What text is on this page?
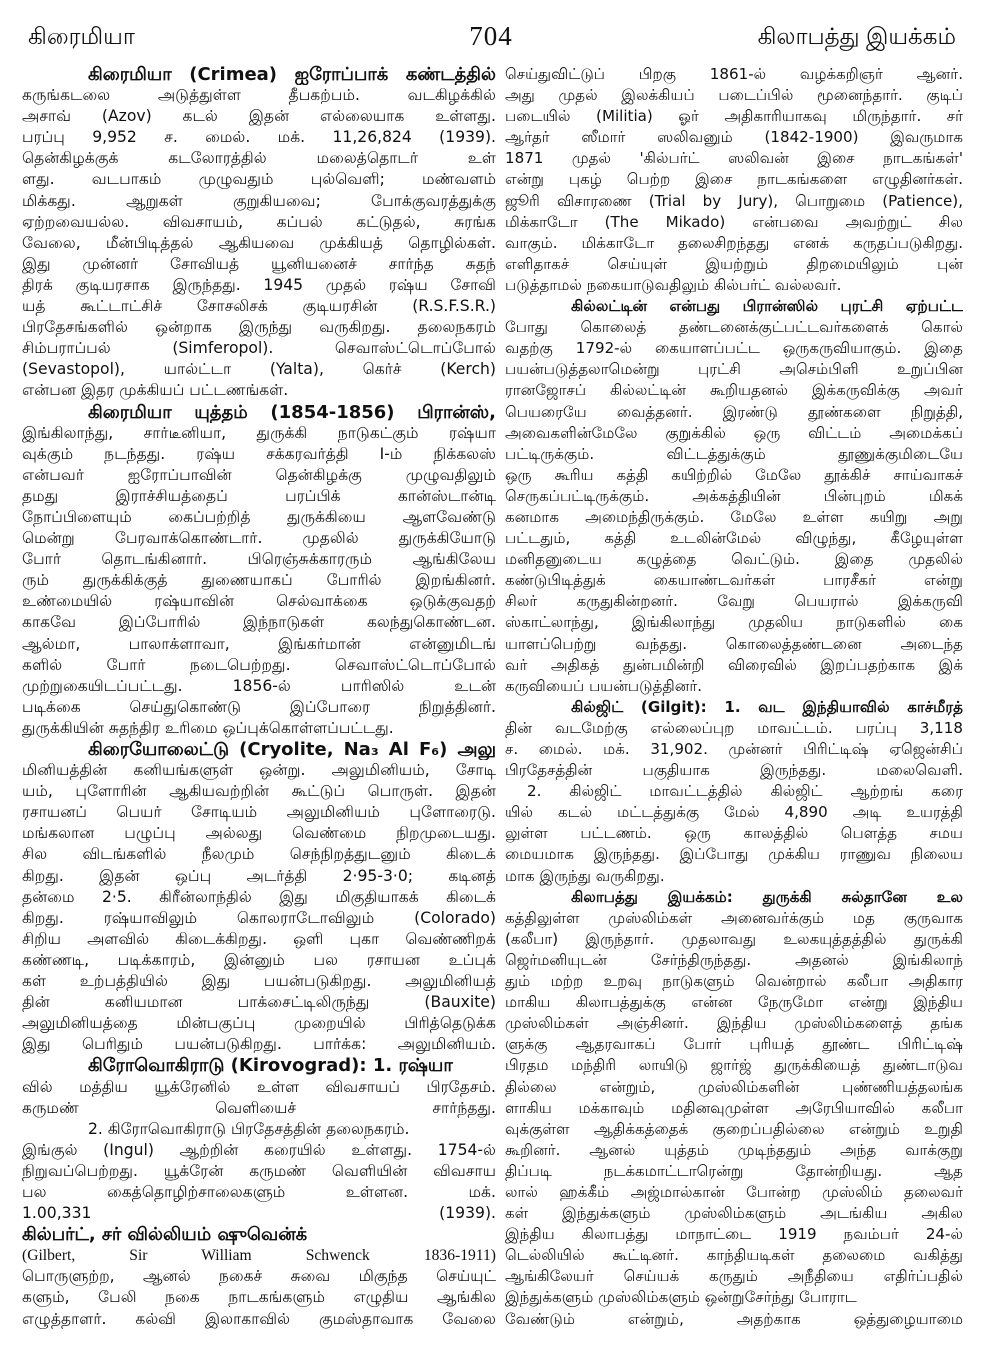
கிரைமியா	704	கிலாபத்து இயக்கம்
கிரைமியா (Crimea) ஐரோப்பாக் கண்டத்தில்
கருங்கடலை அடுத்துள்ள தீபகற்பம். வடகிழக்கில்
அசாவ் (Azov) கடல் இதன் எல்லையாக உள்ளது.
பரப்பு 9,952 ச. மைல். மக். 11,26,824 (1939).
தென்கிழக்குக் கடலோரத்தில் மலைத்தொடர் உள்
ளது. வடபாகம் முழுவதும் புல்வெளி; மண்வளம்
மிக்கது. ஆறுகள் குறுகியவை; போக்குவரத்துக்கு
ஏற்றவையல்ல. விவசாயம், கப்பல் கட்டுதல், சுரங்க
வேலை, மீன்பிடித்தல் ஆகியவை முக்கியத் தொழில்கள்.
இது முன்னர் சோவியத் யூனியனைச் சார்ந்த சுதந்
திரக் குடியரசாக இருந்தது. 1945 முதல் ரஷ்ய சோவி
யத் கூட்டாட்சிச் சோசலிசக் குடியரசின் (R.S.F.S.R.)
பிரதேசங்களில் ஒன்றாக இருந்து வருகிறது. தலைநகரம்
சிம்பராப்பல் (Simferopol). செவாஸ்ட்டொப்போல்
(Sevastopol), யால்ட்டா (Yalta), கெர்ச் (Kerch)
என்பன இதர முக்கியப் பட்டணங்கள்.
கிரைமியா யுத்தம் (1854-1856) பிரான்ஸ்,
இங்கிலாந்து, சார்டீனியா, துருக்கி நாடுகட்கும் ரஷ்யா
வுக்கும் நடந்தது. ரஷ்ய சக்கரவர்த்தி I-ம் நிக்கலஸ்
என்பவர் ஐரோப்பாவின் தென்கிழக்கு முழுவதிலும்
தமது இராச்சியத்தைப் பரப்பிக் கான்ஸ்டான்டி
நோப்பிளையும் கைப்பற்றித் துருக்கியை ஆளவேண்டு
மென்று பேரவாக்கொண்டார். முதலில் துருக்கியோடு
போர் தொடங்கினார். பிரெஞ்சுக்காரரும் ஆங்கிலேய
ரும் துருக்கிக்குத் துணையாகப் போரில் இறங்கினர்.
உண்மையில் ரஷ்யாவின் செல்வாக்கை ஒடுக்குவதற்
காகவே இப்போரில் இந்நாடுகள் கலந்துகொண்டன.
ஆல்மா, பாலாக்ளாவா, இங்கர்மான் என்னுமிடங்
களில் போர் நடைபெற்றது. செவாஸ்ட்டொப்போல்
முற்றுகையிடப்பட்டது. 1856-ல் பாரிஸில் உடன்
படிக்கை செய்துகொண்டு இப்போரை நிறுத்தினர்.
துருக்கியின் சுதந்திர உரிமை ஒப்புக்கொள்ளப்பட்டது.
கிரையோலைட்டு (Cryolite, Na₃ Al F₆) அலு
மினியத்தின் கனியங்களுள் ஒன்று. அலுமினியம், சோடி
யம், புளோரின் ஆகியவற்றின் கூட்டுப் பொருள். இதன்
ரசாயனப் பெயர் சோடியம் அலுமினியம் புளோரைடு.
மங்கலான பழுப்பு அல்லது வெண்மை நிறமுடையது.
சில விடங்களில் நீலமும் செந்நிறத்துடனும் கிடைக்
கிறது. இதன் ஒப்பு அடர்த்தி 2·95-3·0; கடினத்
தன்மை 2·5. கிரீன்லாந்தில் இது மிகுதியாகக் கிடைக்
கிறது. ரஷ்யாவிலும் கொலராடோவிலும் (Colorado)
சிறிய அளவில் கிடைக்கிறது. ஒளி புகா வெண்ணிறக்
கண்ணடி, படிக்காரம், இன்னும் பல ரசாயன உப்புக்
கள் உற்பத்தியில் இது பயன்படுகிறது. அலுமினியத்
தின் கனியமான பாக்சைட்டிலிருந்து (Bauxite)
அலுமினியத்தை மின்பகுப்பு முறையில் பிரித்தெடுக்க
இது பெரிதும் பயன்படுகிறது. பார்க்க: அலுமினியம்.
கிரோவொகிராடு (Kirovograd): 1. ரஷ்யா
வில் மத்திய யூக்ரேனில் உள்ள விவசாயப் பிரதேசம்.
கருமண் வெளியைச் சார்ந்தது.
2. கிரோவொகிராடு பிரதேசத்தின் தலைநகரம்.
இங்குல் (Ingul) ஆற்றின் கரையில் உள்ளது. 1754-ல்
நிறுவப்பெற்றது. யூக்ரேன் கருமண் வெளியின் விவசாய
பல கைத்தொழிற்சாலைகளும் உள்ளன. மக்.
1.00,331 (1939).
கில்பர்ட், சர் வில்லியம் ஷுவென்க்
(Gilbert, Sir William Schwenck 1836-1911)
பொருளுற்ற, ஆனல் நகைச் சுவை மிகுந்த செய்யுட்
களும், பேலி நகை நாடகங்களும் எழுதிய ஆங்கில
எழுத்தாளர். கல்வி இலாகாவில் குமஸ்தாவாக வேலை
செய்துவிட்டுப் பிறகு 1861-ல் வழக்கறிஞர் ஆனர்.
அது முதல் இலக்கியப் படைப்பில் மூனைந்தார். குடிப்
படையில் (Militia) ஓர் அதிகாரியாகவு மிருந்தார். சர்
ஆர்தர் ஸீமார் ஸலிவனும் (1842-1900) இவருமாக
1871 முதல் 'கில்பர்ட் ஸலிவன் இசை நாடகங்கள்'
என்று புகழ் பெற்ற இசை நாடகங்களை எழுதினர்கள்.
ஜூரி விசாரணை (Trial by Jury), பொறுமை (Patience),
மிக்காடோ (The Mikado) என்பவை அவற்றுட் சில
வாகும். மிக்காடோ தலைசிறந்தது எனக் கருதப்படுகிறது.
எளிதாகச் செய்யுள் இயற்றும் திறமையிலும் புன்
படுத்தாமல் நகையாடுவதிலும் கில்பர்ட் வல்லவர்.
கில்லட்டின் என்பது பிரான்ஸில் புரட்சி ஏற்பட்ட
போது கொலைத் தண்டனைக்குட்பட்டவர்களைக் கொல்
வதற்கு 1792-ல் கையாளப்பட்ட ஒருகருவியாகும். இதை
பயன்படுத்தலாமென்று புரட்சி அசெம்பிளி உறுப்பின
ரானஜோசப் கில்லட்டின் கூறியதனல் இக்கருவிக்கு அவர்
பெயரையே வைத்தனர். இரண்டு தூண்களை நிறுத்தி,
அவைகளின்மேலே குறுக்கில் ஒரு விட்டம் அமைக்கப்
பட்டிருக்கும். விட்டத்துக்கும் தூணுக்குமிடையே
ஒரு கூரிய கத்தி கயிற்றில் மேலே தூக்கிச் சாய்வாகச்
செருகப்பட்டிருக்கும். அக்கத்தியின் பின்புறம் மிகக்
கனமாக அமைந்திருக்கும். மேலே உள்ள கயிறு அறு
பட்டதும், கத்தி உடலின்மேல் விழுந்து, கீழேயுள்ள
மனிதனுடைய கழுத்தை வெட்டும். இதை முதலில்
கண்டுபிடித்துக் கையாண்டவர்கள் பாரசீகர் என்று
சிலர் கருதுகின்றனர். வேறு பெயரால் இக்கருவி
ஸ்காட்லாந்து, இங்கிலாந்து முதலிய நாடுகளில் கை
யாளப்பெற்று வந்தது. கொலைத்தண்டனை அடைந்த
வர் அதிகத் துன்பமின்றி விரைவில் இறப்பதற்காக இக்
கருவியைப் பயன்படுத்தினர்.
கில்ஜிட் (Gilgit): 1. வட இந்தியாவில் காச்மீரத்
தின் வடமேற்கு எல்லைப்புற மாவட்டம். பரப்பு 3,118
ச. மைல். மக். 31,902. முன்னர் பிரிட்டிஷ் ஏஜென்சிப்
பிரதேசத்தின் பகுதியாக இருந்தது. மலைவெளி.
2. கில்ஜிட் மாவட்டத்தில் கில்ஜிட் ஆற்றங் கரை
யில் கடல் மட்டத்துக்கு மேல் 4,890 அடி உயரத்தி
லுள்ள பட்டணம். ஒரு காலத்தில் பௌத்த சமய
மையமாக இருந்தது. இப்போது முக்கிய ராணுவ நிலைய
மாக இருந்து வருகிறது.
கிலாபத்து இயக்கம்: துருக்கி சுல்தானே உல
கத்திலுள்ள முஸ்லிம்கள் அனைவர்க்கும் மத குருவாக
(கலீபா) இருந்தார். முதலாவது உலகயுத்தத்தில் துருக்கி
ஜெர்மனியுடன் சேர்ந்திருந்தது. அதனல் இங்கிலாந்
தும் மற்ற உறவு நாடுகளும் வென்றால் கலீபா அதிகார
மாகிய கிலாபத்துக்கு என்ன நேருமோ என்று இந்திய
முஸ்லிம்கள் அஞ்சினர். இந்திய முஸ்லிம்களைத் தங்க
ளுக்கு ஆதரவாகப் போர் புரியத் தூண்ட பிரிட்டிஷ்
பிரதம மந்திரி லாயிடு ஜார்ஜ் துருக்கியைத் துண்டாடுவ
தில்லை என்றும், முஸ்லிம்களின் புண்ணியத்தலங்க
ளாகிய மக்காவும் மதினவுமுள்ள அரேபியாவில் கலீபா
வுக்குள்ள ஆதிக்கத்தைக் குறைப்பதில்லை என்றும் உறுதி
கூறினர். ஆனல் யுத்தம் முடிந்ததும் அந்த வாக்குறு
திப்படி நடக்கமாட்டாரென்று தோன்றியது. ஆத
லால் ஹக்கீம் அஜ்மால்கான் போன்ற முஸ்லிம் தலைவர்
கள் இந்துக்களும் முஸ்லிம்களும் அடங்கிய அகில
இந்திய கிலாபத்து மாநாட்டை 1919 நவம்பர் 24-ல்
டெல்லியில் கூட்டினர். காந்தியடிகள் தலைமை வகித்து
ஆங்கிலேயர் செய்யக் கருதும் அநீதியை எதிர்ப்பதில்
இந்துக்களும் முஸ்லிம்களும் ஒன்றுசேர்ந்து போராட
வேண்டும் என்றும், அதற்காக ஒத்துழையாமை
